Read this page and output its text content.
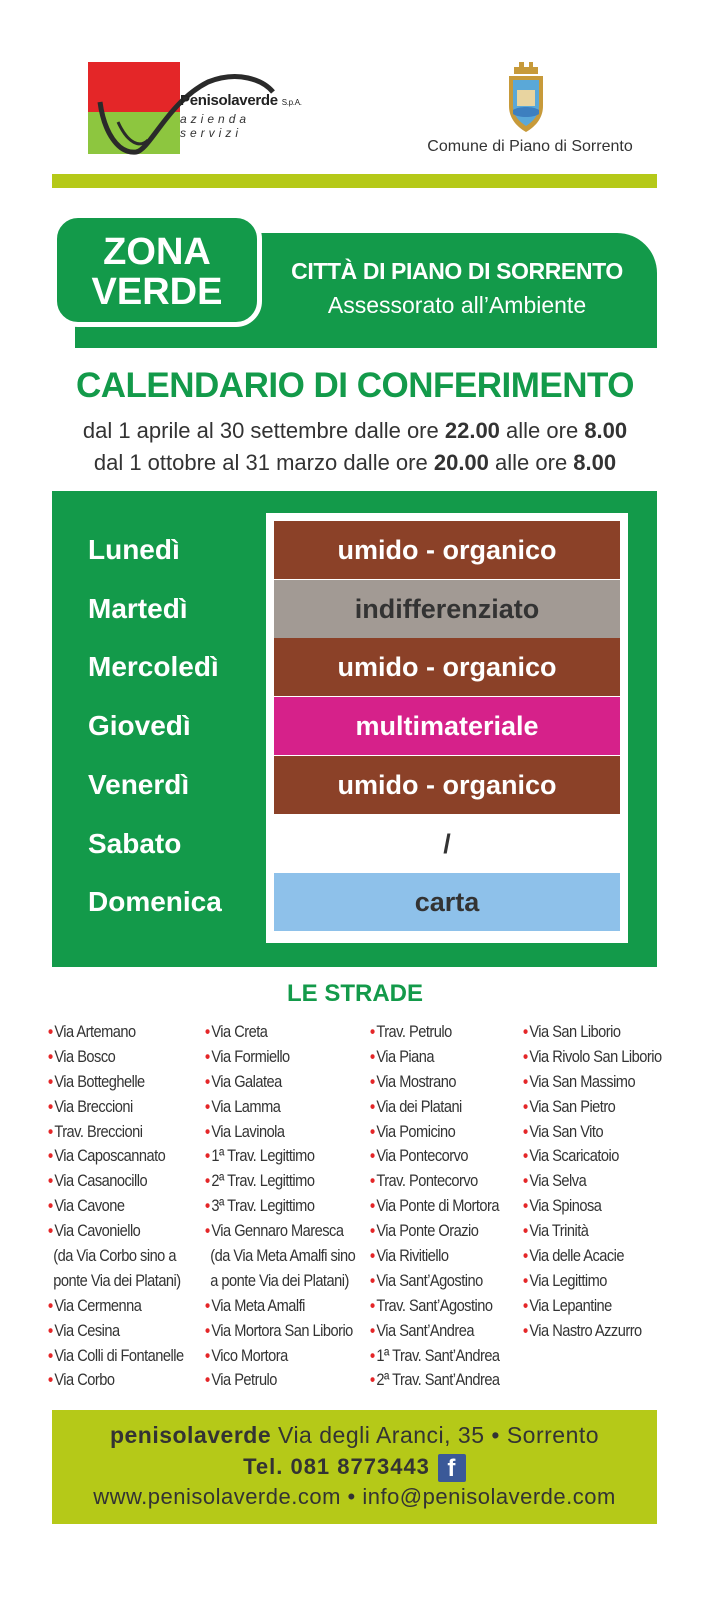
Penisolaverde S.p.A.
azienda servizi
Comune di Piano di Sorrento
ZONA
VERDE	CITTÀ DI PIANO DI SORRENTO
Assessorato all’Ambiente
CALENDARIO DI CONFERIMENTO
dal 1 aprile al 30 settembre dalle ore 22.00 alle ore 8.00
dal 1 ottobre al 31 marzo dalle ore 20.00 alle ore 8.00
Lunedì	umido - organico
Martedì	indifferenziato
Mercoledì	umido - organico
Giovedì	multimateriale
Venerdì	umido - organico
Sabato	/
Domenica	carta
LE STRADE
• Via Artemano
• Via Bosco
• Via Botteghelle
• Via Breccioni
• Trav. Breccioni
• Via Caposcannato
• Via Casanocillo
• Via Cavone
• Via Cavoniello
(da Via Corbo sino a
ponte Via dei Platani)
• Via Cermenna
• Via Cesina
• Via Colli di Fontanelle
• Via Corbo
• Via Creta
• Via Formiello
• Via Galatea
• Via Lamma
• Via Lavinola
• 1ª Trav. Legittimo
• 2ª Trav. Legittimo
• 3ª Trav. Legittimo
• Via Gennaro Maresca
(da Via Meta Amalfi sino
a ponte Via dei Platani)
• Via Meta Amalfi
• Via Mortora San Liborio
• Vico Mortora
• Via Petrulo
• Trav. Petrulo
• Via Piana
• Via Mostrano
• Via dei Platani
• Via Pomicino
• Via Pontecorvo
• Trav. Pontecorvo
• Via Ponte di Mortora
• Via Ponte Orazio
• Via Rivitiello
• Via Sant’Agostino
• Trav. Sant’Agostino
• Via Sant’Andrea
• 1ª Trav. Sant’Andrea
• 2ª Trav. Sant’Andrea
• Via San Liborio
• Via Rivolo San Liborio
• Via San Massimo
• Via San Pietro
• Via San Vito
• Via Scaricatoio
• Via Selva
• Via Spinosa
• Via Trinità
• Via delle Acacie
• Via Legittimo
• Via Lepantine
• Via Nastro Azzurro
penisolaverde Via degli Aranci, 35 • Sorrento
Tel. 081 8773443 f
www.penisolaverde.com • info@penisolaverde.com
